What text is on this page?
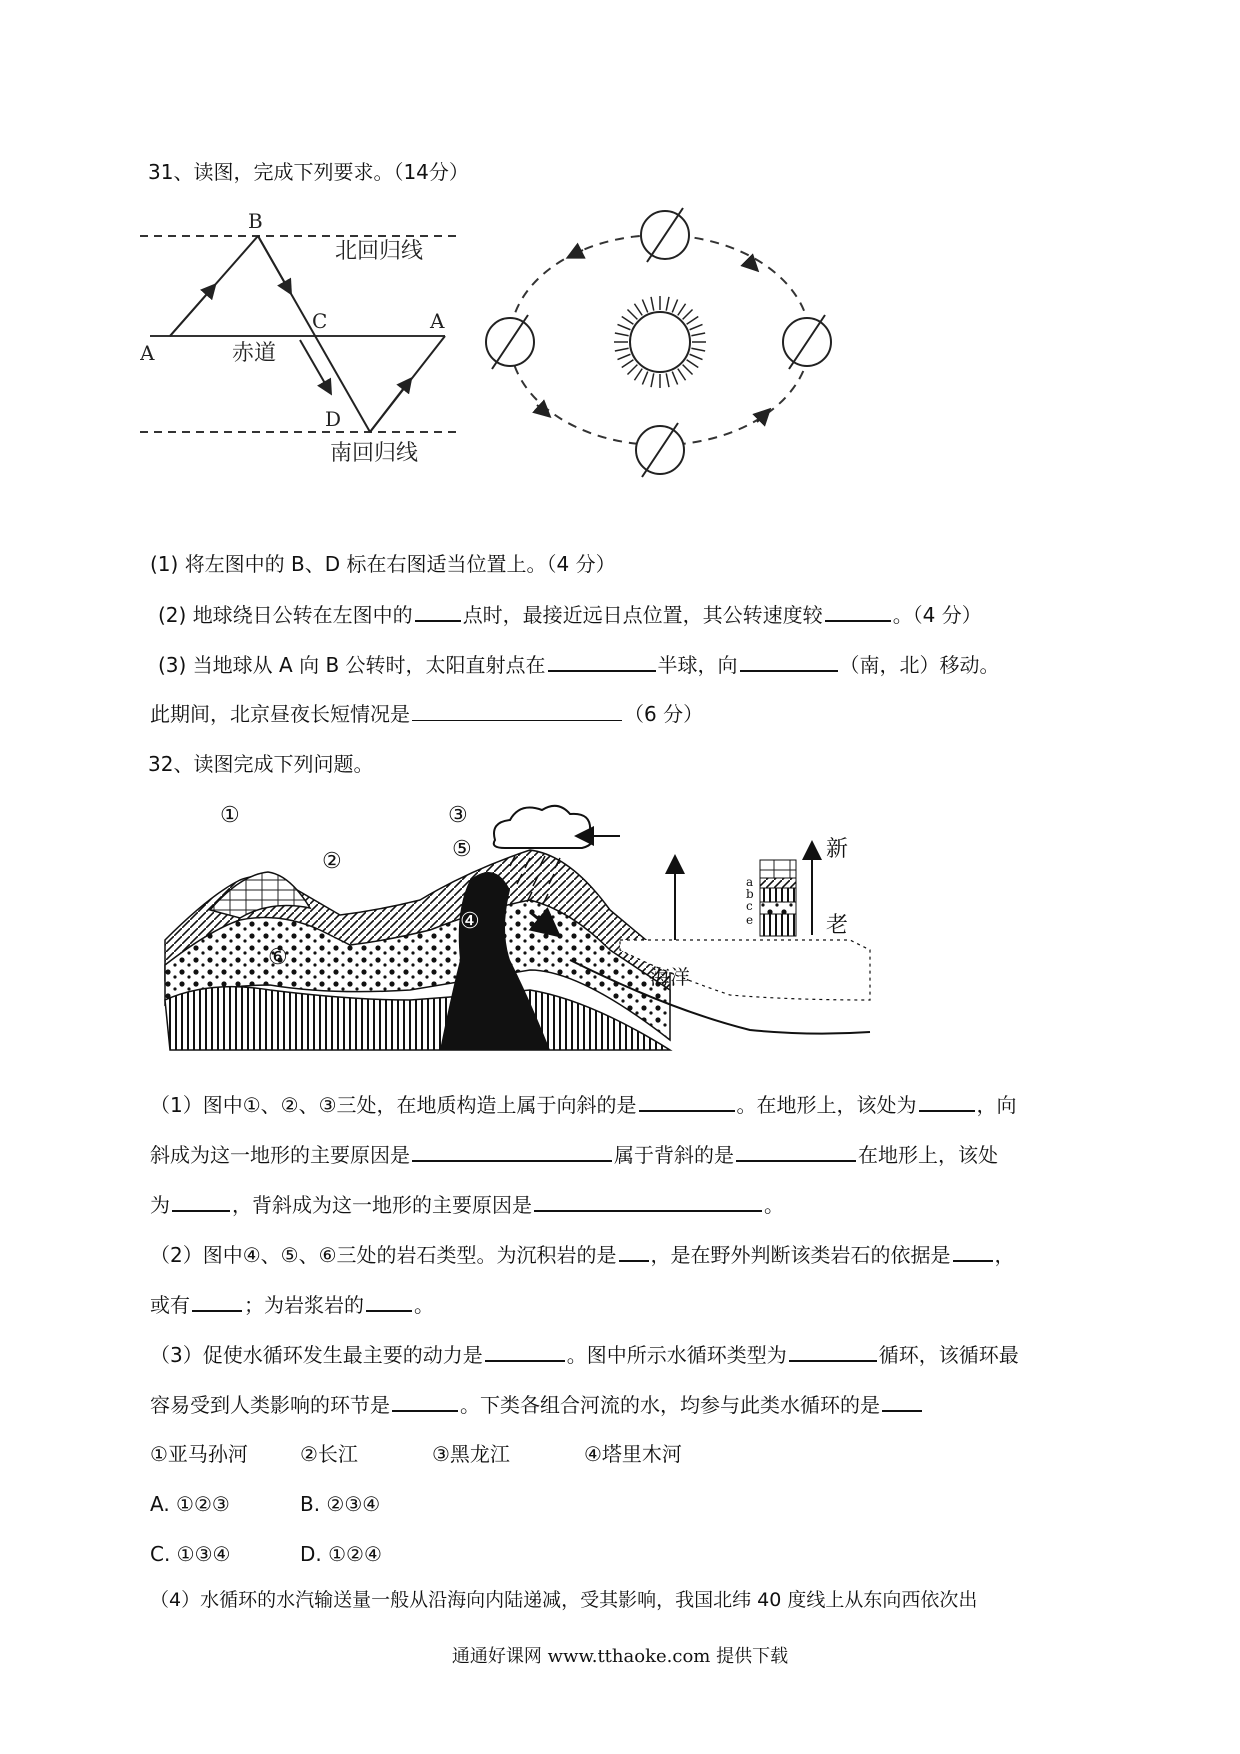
31、读图，完成下列要求。（14分）
北回归线
赤道
南回归线
A
A
B
C
D
(1) 将左图中的 B、D 标在右图适当位置上。（4 分）
(2) 地球绕日公转在左图中的	点时，最接近远日点位置，其公转速度较	。（4 分）
(3) 当地球从 A 向 B 公转时，太阳直射点在	半球，向	（南，北）移动。
此期间，北京昼夜长短情况是	（6 分）
32、读图完成下列问题。
①
②
③
⑤
④
⑥
海洋
新
老
a
b
c
e
（1）图中①、②、③三处，在地质构造上属于向斜的是	。在地形上，该处为	，向
斜成为这一地形的主要原因是	属于背斜的是	在地形上，该处
为	，背斜成为这一地形的主要原因是	。
（2）图中④、⑤、⑥三处的岩石类型。为沉积岩的是 ，是在野外判断该类岩石的依据是 ，
或有	；为岩浆岩的	。
（3）促使水循环发生最主要的动力是	。图中所示水循环类型为	循环，该循环最
容易受到人类影响的环节是	。下类各组合河流的水，均参与此类水循环的是
①亚马孙河	②长江	③黑龙江	④塔里木河
A. ①②③	B. ②③④
C. ①③④	D. ①②④
（4）水循环的水汽输送量一般从沿海向内陆递减，受其影响，我国北纬 40 度线上从东向西依次出
通通好课网 www.tthaoke.com 提供下载
